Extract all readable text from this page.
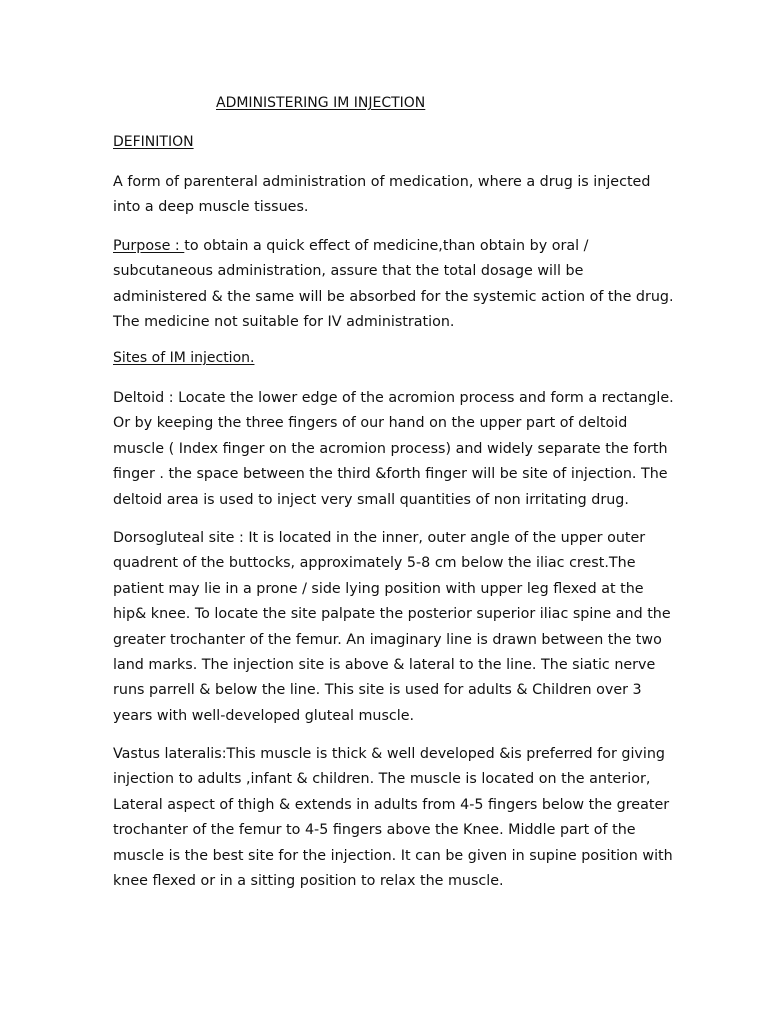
ADMINISTERING IM INJECTION
DEFINITION
A form of parenteral administration of medication, where a drug is injected
into a deep muscle tissues.
Purpose : to obtain a quick effect of medicine,than obtain by oral /
subcutaneous administration, assure that the total dosage will be
administered & the same will be absorbed for the systemic action of the drug.
The medicine not suitable for IV administration.
Sites of IM injection.
Deltoid : Locate the lower edge of the acromion process and form a rectangle.
Or by keeping the three fingers of our hand on the upper part of deltoid
muscle ( Index finger on the acromion process) and widely separate the forth
finger . the space between the third &forth finger will be site of injection. The
deltoid area is used to inject very small quantities of non irritating drug.
Dorsogluteal site : It is located in the inner, outer angle of the upper outer
quadrent of the buttocks, approximately 5-8 cm below the iliac crest.The
patient may lie in a prone / side lying position with upper leg flexed at the
hip& knee. To locate the site palpate the posterior superior iliac spine and the
greater trochanter of the femur. An imaginary line is drawn between the two
land marks. The injection site is above & lateral to the line. The siatic nerve
runs parrell & below the line. This site is used for adults & Children over 3
years with well-developed gluteal muscle.
Vastus lateralis:This muscle is thick & well developed &is preferred for giving
injection to adults ,infant & children. The muscle is located on the anterior,
Lateral aspect of thigh & extends in adults from 4-5 fingers below the greater
trochanter of the femur to 4-5 fingers above the Knee. Middle part of the
muscle is the best site for the injection. It can be given in supine position with
knee flexed or in a sitting position to relax the muscle.
